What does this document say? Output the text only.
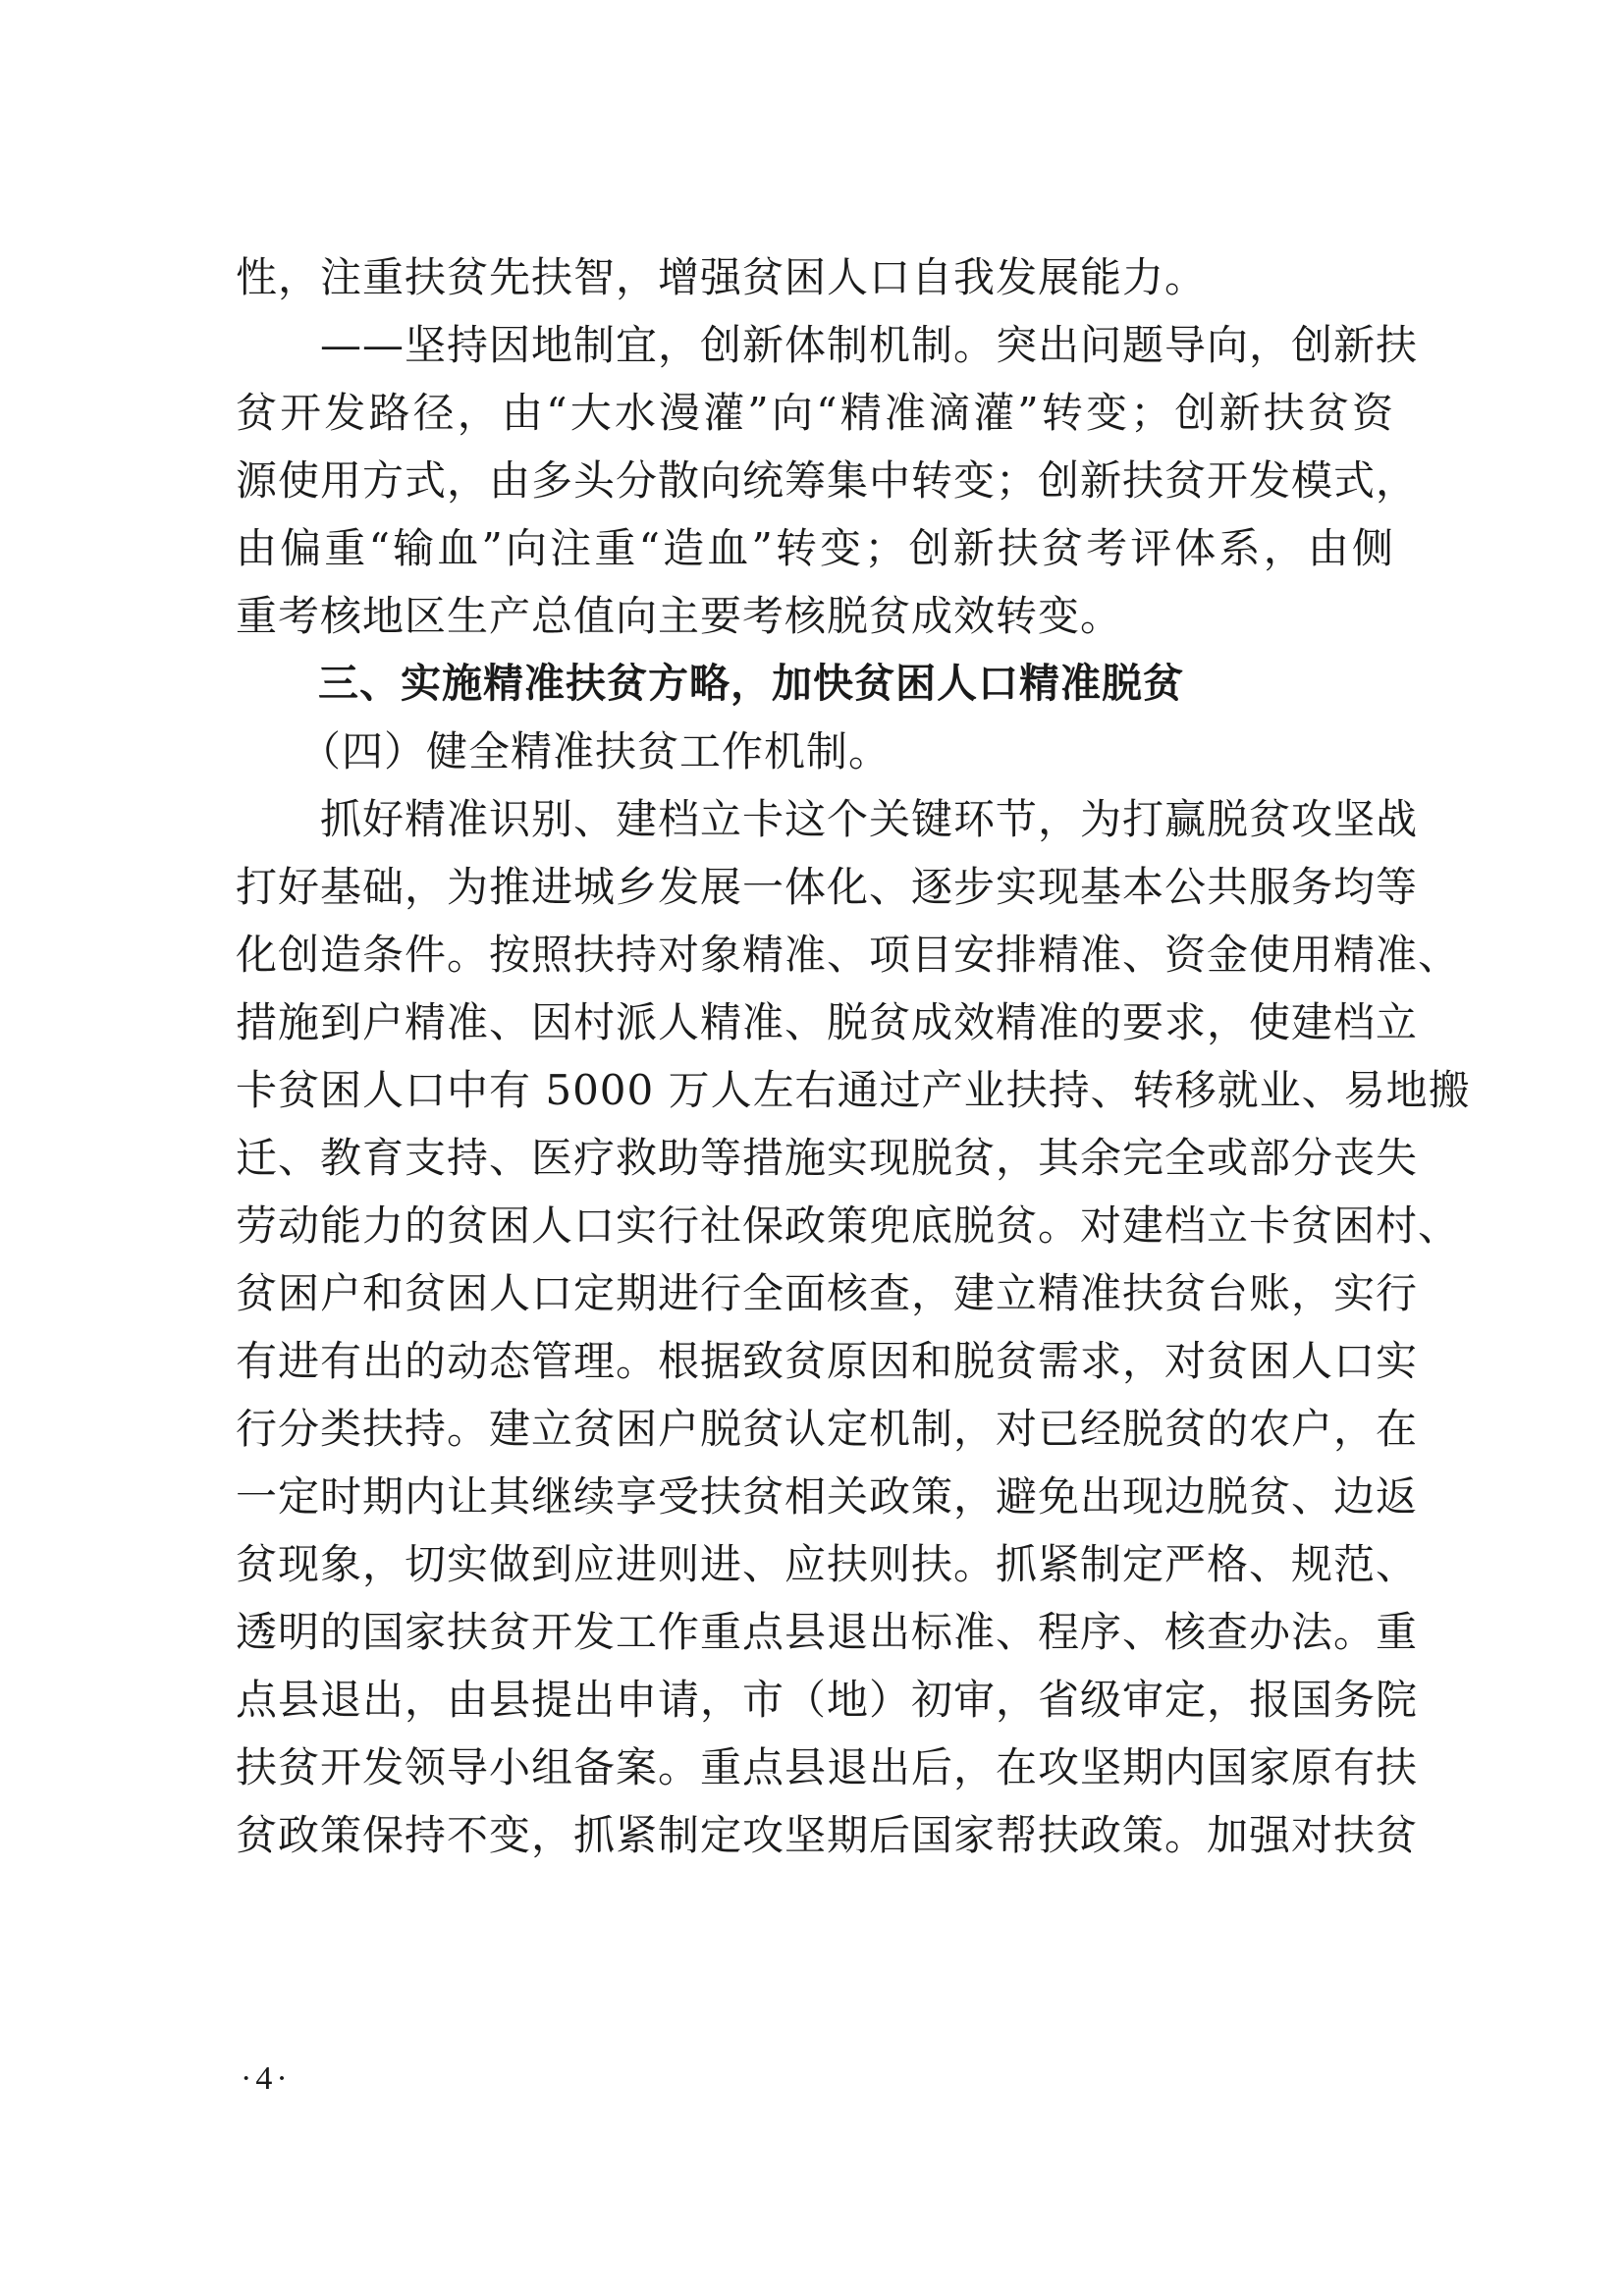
性，注重扶贫先扶智，增强贫困人口自我发展能力。
　　——坚持因地制宜，创新体制机制。突出问题导向，创新扶
贫开发路径，由“大水漫灌”向“精准滴灌”转变；创新扶贫资
源使用方式，由多头分散向统筹集中转变；创新扶贫开发模式，
由偏重“输血”向注重“造血”转变；创新扶贫考评体系，由侧
重考核地区生产总值向主要考核脱贫成效转变。
　　三、实施精准扶贫方略，加快贫困人口精准脱贫
　　（四）健全精准扶贫工作机制。
　　抓好精准识别、建档立卡这个关键环节，为打赢脱贫攻坚战
打好基础，为推进城乡发展一体化、逐步实现基本公共服务均等
化创造条件。按照扶持对象精准、项目安排精准、资金使用精准、
措施到户精准、因村派人精准、脱贫成效精准的要求，使建档立
卡贫困人口中有 5000 万人左右通过产业扶持、转移就业、易地搬
迁、教育支持、医疗救助等措施实现脱贫，其余完全或部分丧失
劳动能力的贫困人口实行社保政策兜底脱贫。对建档立卡贫困村、
贫困户和贫困人口定期进行全面核查，建立精准扶贫台账，实行
有进有出的动态管理。根据致贫原因和脱贫需求，对贫困人口实
行分类扶持。建立贫困户脱贫认定机制，对已经脱贫的农户，在
一定时期内让其继续享受扶贫相关政策，避免出现边脱贫、边返
贫现象，切实做到应进则进、应扶则扶。抓紧制定严格、规范、
透明的国家扶贫开发工作重点县退出标准、程序、核查办法。重
点县退出，由县提出申请，市（地）初审，省级审定，报国务院
扶贫开发领导小组备案。重点县退出后，在攻坚期内国家原有扶
贫政策保持不变，抓紧制定攻坚期后国家帮扶政策。加强对扶贫
·4·
